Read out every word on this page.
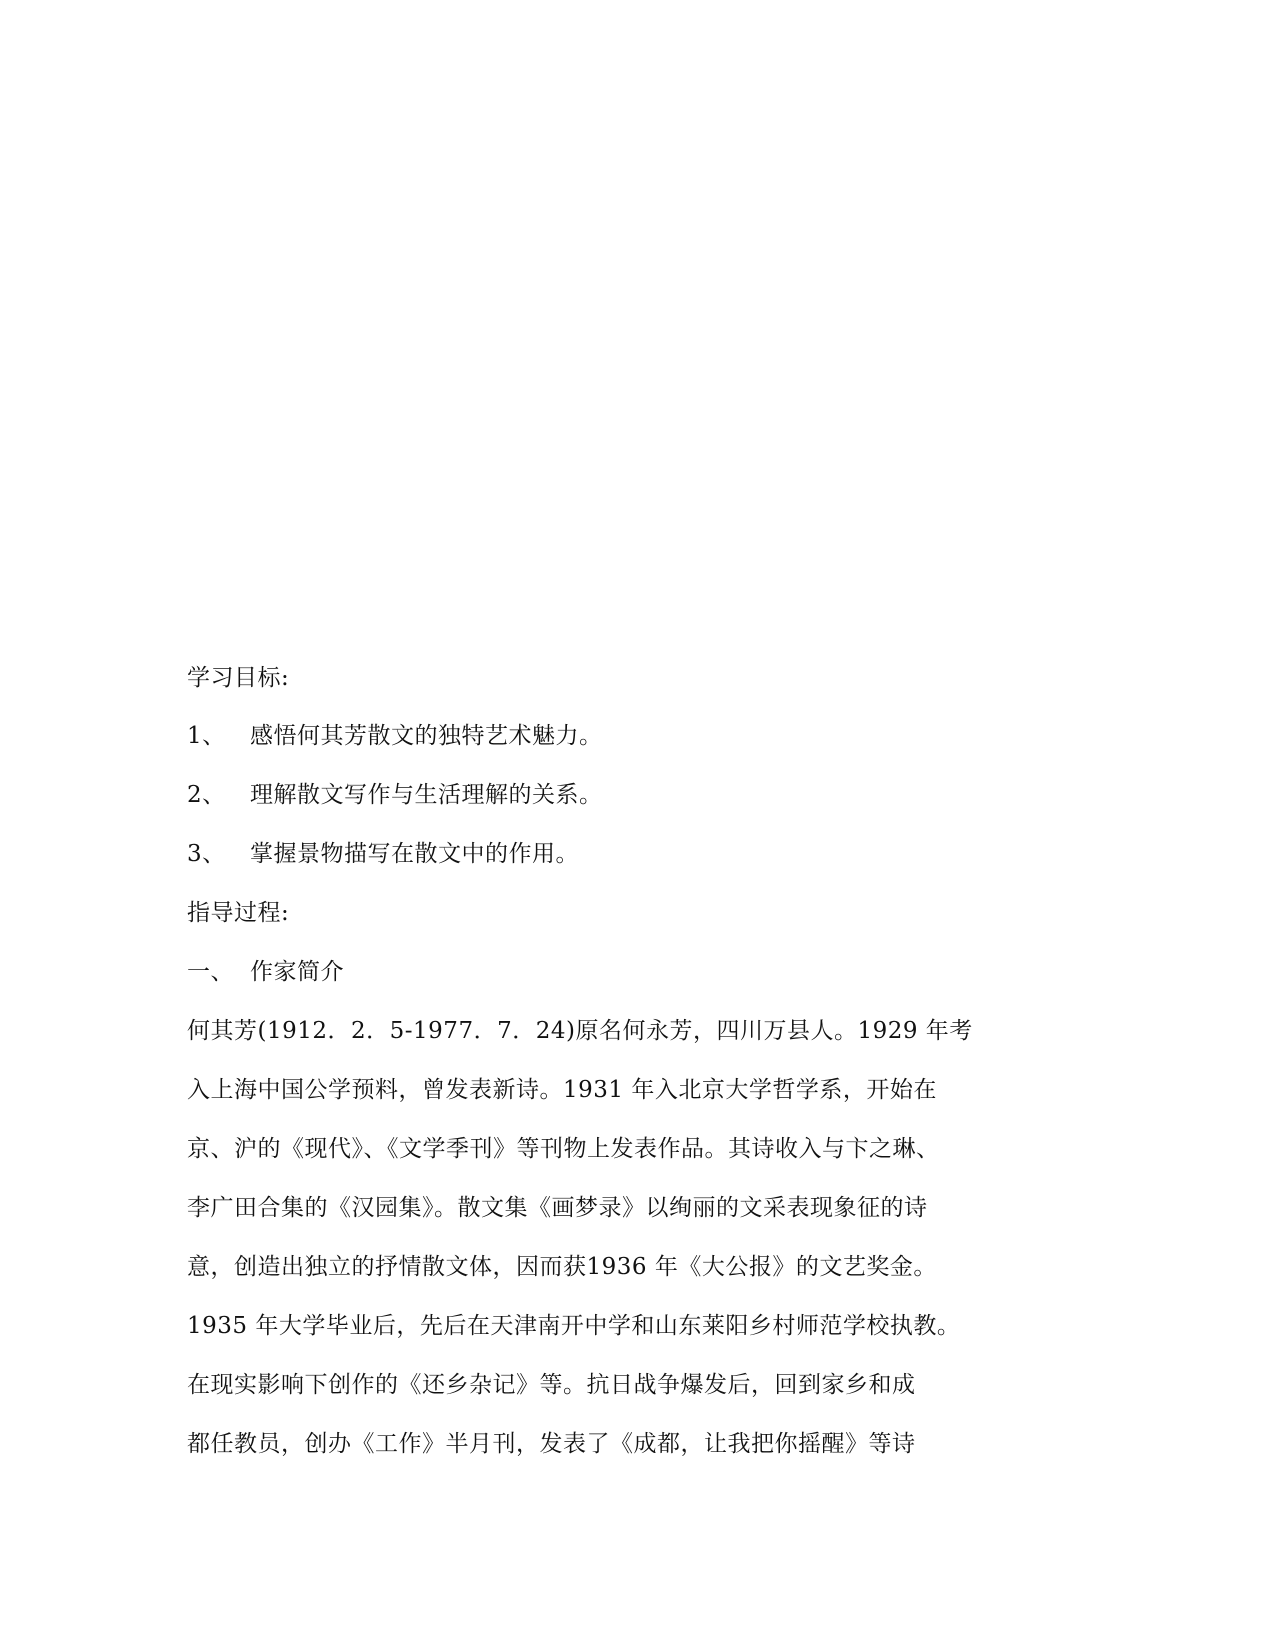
学习目标:
1、 感悟何其芳散文的独特艺术魅力。
2、 理解散文写作与生活理解的关系。
3、 掌握景物描写在散文中的作用。
指导过程:
一、 作家简介
何其芳(1912．2．5-1977．7．24)原名何永芳，四川万县人。1929 年考
入上海中国公学预料，曾发表新诗。1931 年入北京大学哲学系，开始在
京、沪的《现代》、《文学季刊》等刊物上发表作品。其诗收入与卞之琳、
李广田合集的《汉园集》。散文集《画梦录》以绚丽的文采表现象征的诗
意，创造出独立的抒情散文体，因而获1936 年《大公报》的文艺奖金。
1935 年大学毕业后，先后在天津南开中学和山东莱阳乡村师范学校执教。
在现实影响下创作的《还乡杂记》等。抗日战争爆发后，回到家乡和成
都任教员，创办《工作》半月刊，发表了《成都，让我把你摇醒》等诗
